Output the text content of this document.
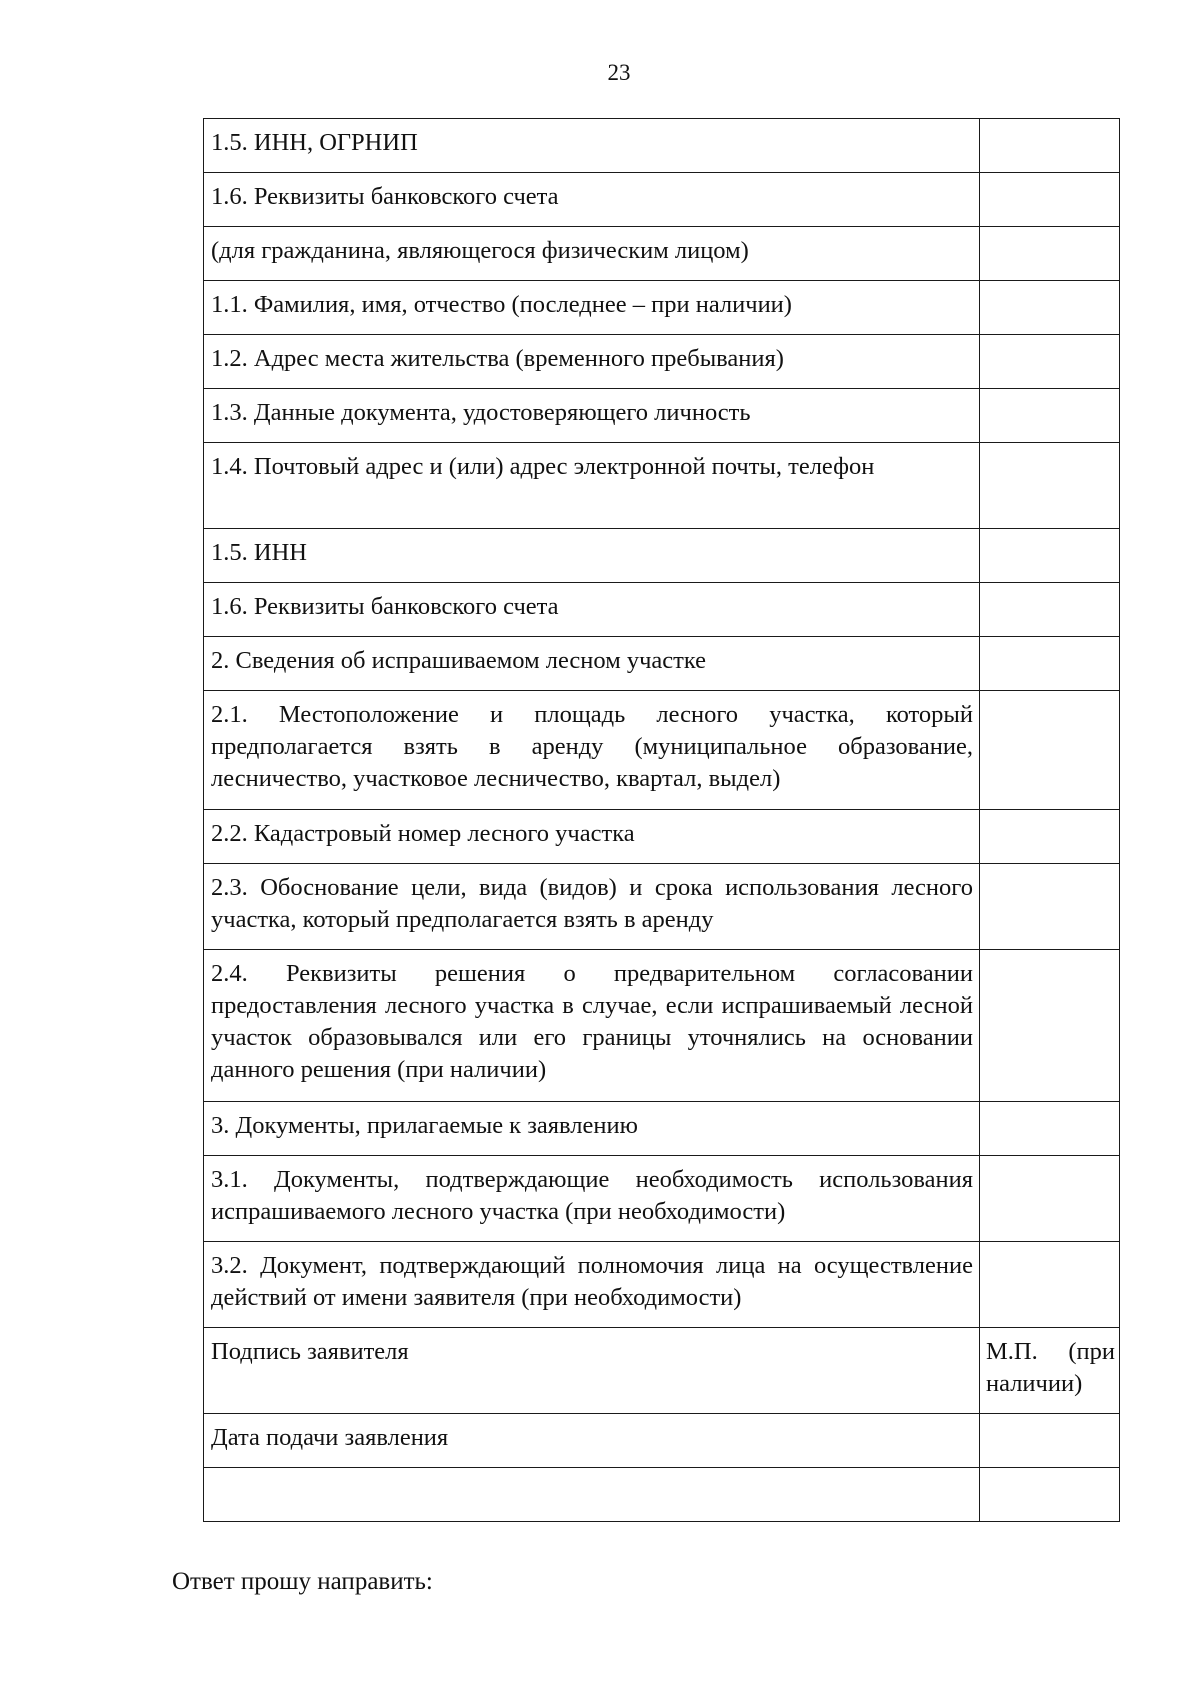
23
1.5. ИНН, ОГРНИП	
1.6. Реквизиты банковского счета	
(для гражданина, являющегося физическим лицом)	
1.1. Фамилия, имя, отчество (последнее – при наличии)	
1.2. Адрес места жительства (временного пребывания)	
1.3. Данные документа, удостоверяющего личность	
1.4. Почтовый адрес и (или) адрес электронной почты, телефон	
1.5. ИНН	
1.6. Реквизиты банковского счета	
2. Сведения об испрашиваемом лесном участке	
2.1. Местоположение и площадь лесного участка, который предполагается взять в аренду (муниципальное образование, лесничество, участковое лесничество, квартал, выдел)	
2.2. Кадастровый номер лесного участка	
2.3. Обоснование цели, вида (видов) и срока использования лесного участка, который предполагается взять в аренду	
2.4. Реквизиты решения о предварительном согласовании предоставления лесного участка в случае, если испрашиваемый лесной участок образовывался или его границы уточнялись на основании данного решения (при наличии)	
3. Документы, прилагаемые к заявлению	
3.1. Документы, подтверждающие необходимость использования испрашиваемого лесного участка (при необходимости)	
3.2. Документ, подтверждающий полномочия лица на осуществление действий от имени заявителя (при необходимости)	
Подпись заявителя	М.П. (при наличии)
Дата подачи заявления	

Ответ прошу направить:
